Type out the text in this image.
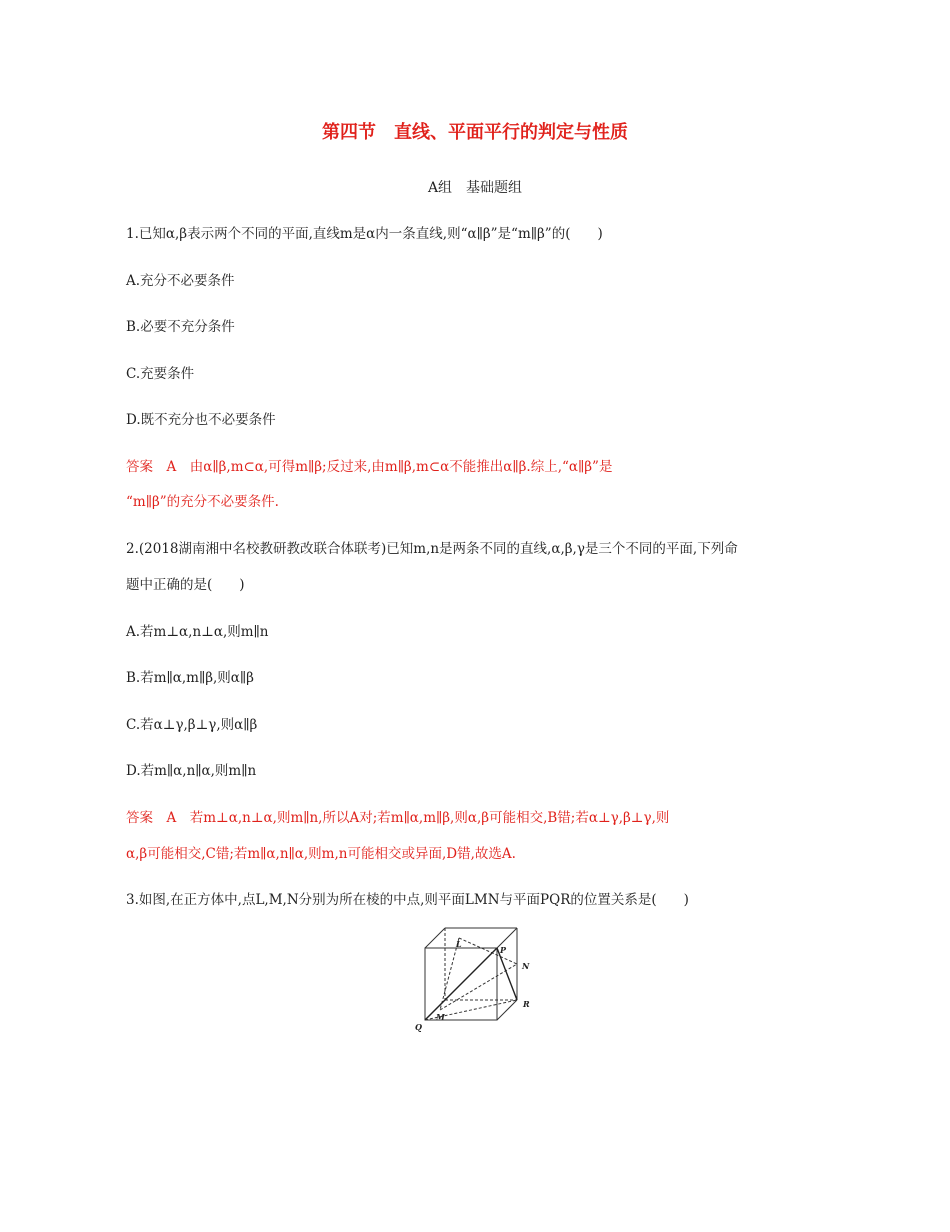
第四节　直线、平面平行的判定与性质
A组　基础题组
1.已知α,β表示两个不同的平面,直线m是α内一条直线,则“α∥β”是“m∥β”的(　　)
A.充分不必要条件
B.必要不充分条件
C.充要条件
D.既不充分也不必要条件
答案　A　由α∥β,m⊂α,可得m∥β;反过来,由m∥β,m⊂α不能推出α∥β.综上,“α∥β”是
“m∥β”的充分不必要条件.
2.(2018湖南湘中名校教研教改联合体联考)已知m,n是两条不同的直线,α,β,γ是三个不同的平面,下列命
题中正确的是(　　)
A.若m⊥α,n⊥α,则m∥n
B.若m∥α,m∥β,则α∥β
C.若α⊥γ,β⊥γ,则α∥β
D.若m∥α,n∥α,则m∥n
答案　A　若m⊥α,n⊥α,则m∥n,所以A对;若m∥α,m∥β,则α,β可能相交,B错;若α⊥γ,β⊥γ,则
α,β可能相交,C错;若m∥α,n∥α,则m,n可能相交或异面,D错,故选A.
3.如图,在正方体中,点L,M,N分别为所在棱的中点,则平面LMN与平面PQR的位置关系是(　　)
L
P
N
R
M
Q
